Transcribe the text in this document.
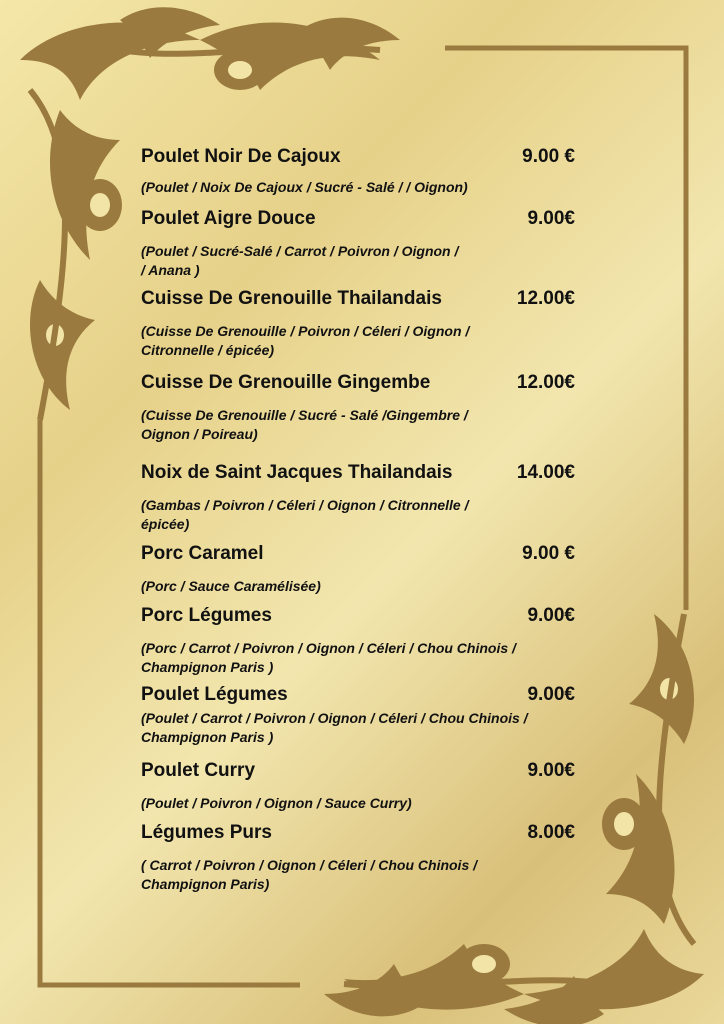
Poulet Noir De Cajoux	9.00 €
(Poulet / Noix De Cajoux / Sucré - Salé / / Oignon)
Poulet Aigre Douce	9.00€
(Poulet / Sucré-Salé / Carrot / Poivron / Oignon /
/ Anana )
Cuisse De Grenouille Thailandais	12.00€
(Cuisse De Grenouille / Poivron / Céleri / Oignon /
Citronnelle / épicée)
Cuisse De Grenouille Gingembe	12.00€
(Cuisse De Grenouille / Sucré - Salé /Gingembre /
Oignon / Poireau)
Noix de Saint Jacques Thailandais	14.00€
(Gambas / Poivron / Céleri / Oignon / Citronnelle /
épicée)
Porc Caramel	9.00 €
(Porc / Sauce Caramélisée)
Porc Légumes	9.00€
(Porc / Carrot / Poivron / Oignon / Céleri / Chou Chinois /
Champignon Paris )
Poulet Légumes	9.00€
(Poulet / Carrot / Poivron / Oignon / Céleri / Chou Chinois /
Champignon Paris )
Poulet Curry	9.00€
(Poulet / Poivron / Oignon / Sauce Curry)
Légumes Purs	8.00€
( Carrot / Poivron / Oignon / Céleri / Chou Chinois /
Champignon Paris)
